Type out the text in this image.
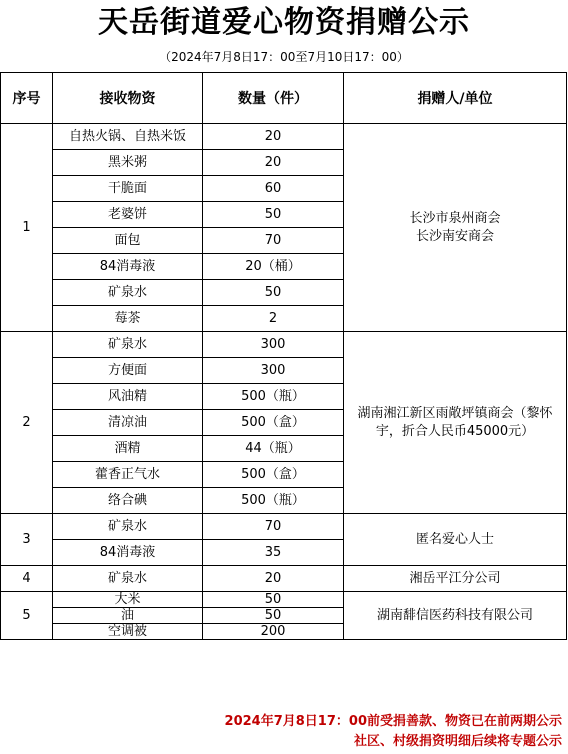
天岳街道爱心物资捐赠公示
（2024年7月8日17：00至7月10日17：00）
序号	接收物资	数量（件）	捐赠人/单位
1	自热火锅、自热米饭	20	长沙市泉州商会
长沙南安商会
	黑米粥	20	
	干脆面	60	
	老婆饼	50	
	面包	70	
	84消毒液	20（桶）	
	矿泉水	50	
	莓茶	2	
2	矿泉水	300	湖南湘江新区雨敞坪镇商会（黎怀宇，折合人民币45000元）
	方便面	300	
	风油精	500（瓶）	
	清凉油	500（盒）	
	酒精	44（瓶）	
	藿香正气水	500（盒）	
	络合碘	500（瓶）	
3	矿泉水	70	匿名爱心人士
	84消毒液	35	
4	矿泉水	20	湘岳平江分公司
5	大米	50	湖南馡信医药科技有限公司
	油	50	
	空调被	200	
2024年7月8日17：00前受捐善款、物资已在前两期公示
社区、村级捐资明细后续将专题公示
